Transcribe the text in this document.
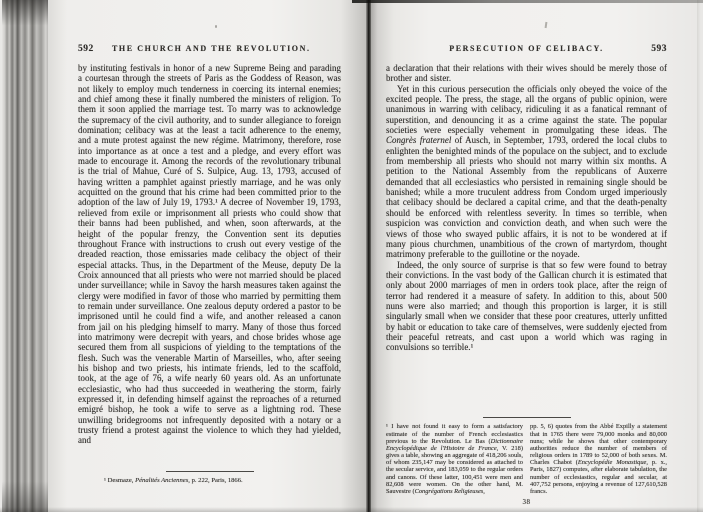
592	THE CHURCH AND THE REVOLUTION.

by instituting festivals in honor of a new Supreme Being and parading a courtesan through the streets of Paris as the Goddess of Reason, was not likely to employ much tenderness in coercing its internal enemies; and chief among these it finally numbered the ministers of religion. To them it soon applied the marriage test. To marry was to acknowledge the supremacy of the civil authority, and to sunder allegiance to foreign domination; celibacy was at the least a tacit adherence to the enemy, and a mute protest against the new régime. Matrimony, therefore, rose into importance as at once a test and a pledge, and every effort was made to encourage it. Among the records of the revolutionary tribunal is the trial of Mahue, Curé of S. Sulpice, Aug. 13, 1793, accused of having written a pamphlet against priestly marriage, and he was only acquitted on the ground that his crime had been committed prior to the adoption of the law of July 19, 1793.¹ A decree of November 19, 1793, relieved from exile or imprisonment all priests who could show that their banns had been published, and when, soon afterwards, at the height of the popular frenzy, the Convention sent its deputies throughout France with instructions to crush out every vestige of the dreaded reaction, those emissaries made celibacy the object of their especial attacks. Thus, in the Department of the Meuse, deputy De la Croix announced that all priests who were not married should be placed under surveillance; while in Savoy the harsh measures taken against the clergy were modified in favor of those who married by permitting them to remain under surveillance. One zealous deputy ordered a pastor to be imprisoned until he could find a wife, and another released a canon from jail on his pledging himself to marry. Many of those thus forced into matrimony were decrepit with years, and chose brides whose age secured them from all suspicions of yielding to the temptations of the flesh. Such was the venerable Martin of Marseilles, who, after seeing his bishop and two priests, his intimate friends, led to the scaffold, took, at the age of 76, a wife nearly 60 years old. As an unfortunate ecclesiastic, who had thus succeeded in weathering the storm, fairly expressed it, in defending himself against the reproaches of a returned emigré bishop, he took a wife to serve as a lightning rod. These unwilling bridegrooms not infrequently deposited with a notary or a trusty friend a protest against the violence to which they had yielded, and

¹ Desmaze, Pénalités Anciennes, p. 222, Paris, 1866.

PERSECUTION OF CELIBACY.	593

a declaration that their relations with their wives should be merely those of brother and sister.

Yet in this curious persecution the officials only obeyed the voice of the excited people. The press, the stage, all the organs of public opinion, were unanimous in warring with celibacy, ridiculing it as a fanatical remnant of superstition, and denouncing it as a crime against the state. The popular societies were especially vehement in promulgating these ideas. The Congrès fraternel of Ausch, in September, 1793, ordered the local clubs to enlighten the benighted minds of the populace on the subject, and to exclude from membership all priests who should not marry within six months. A petition to the National Assembly from the republicans of Auxerre demanded that all ecclesiastics who persisted in remaining single should be banished; while a more truculent address from Condom urged imperiously that celibacy should be declared a capital crime, and that the death-penalty should be enforced with relentless severity. In times so terrible, when suspicion was conviction and conviction death, and when such were the views of those who swayed public affairs, it is not to be wondered at if many pious churchmen, unambitious of the crown of martyrdom, thought matrimony preferable to the guillotine or the noyade.

Indeed, the only source of surprise is that so few were found to betray their convictions. In the vast body of the Gallican church it is estimated that only about 2000 marriages of men in orders took place, after the reign of terror had rendered it a measure of safety. In addition to this, about 500 nuns were also married; and though this proportion is larger, it is still singularly small when we consider that these poor creatures, utterly unfitted by habit or education to take care of themselves, were suddenly ejected from their peaceful retreats, and cast upon a world which was raging in convulsions so terrible.¹

¹ I have not found it easy to form a satisfactory estimate of the number of French ecclesiastics previous to the Revolution. Le Bas (Dictionnaire Encyclopédique de l'Histoire de France, V. 218) gives a table, showing an aggregate of 418,206 souls, of whom 235,147 may be considered as attached to the secular service, and 183,059 to the regular orders and canons. Of these latter, 100,451 were men and 82,608 were women. On the other hand, M. Sauvestre (Congrégations Religieuses,

pp. 5, 6) quotes from the Abbé Expilly a statement that in 1765 there were 79,000 monks and 80,000 nuns; while he shows that other contemporary authorities reduce the number of members of religious orders in 1789 to 52,000 of both sexes. M. Charles Chabot (Encyclopédie Monastique, p. x., Paris, 1827) computes, after elaborate tabulation, the number of ecclesiastics, regular and secular, at 407,752 persons, enjoying a revenue of 127,610,528 francs.

38
